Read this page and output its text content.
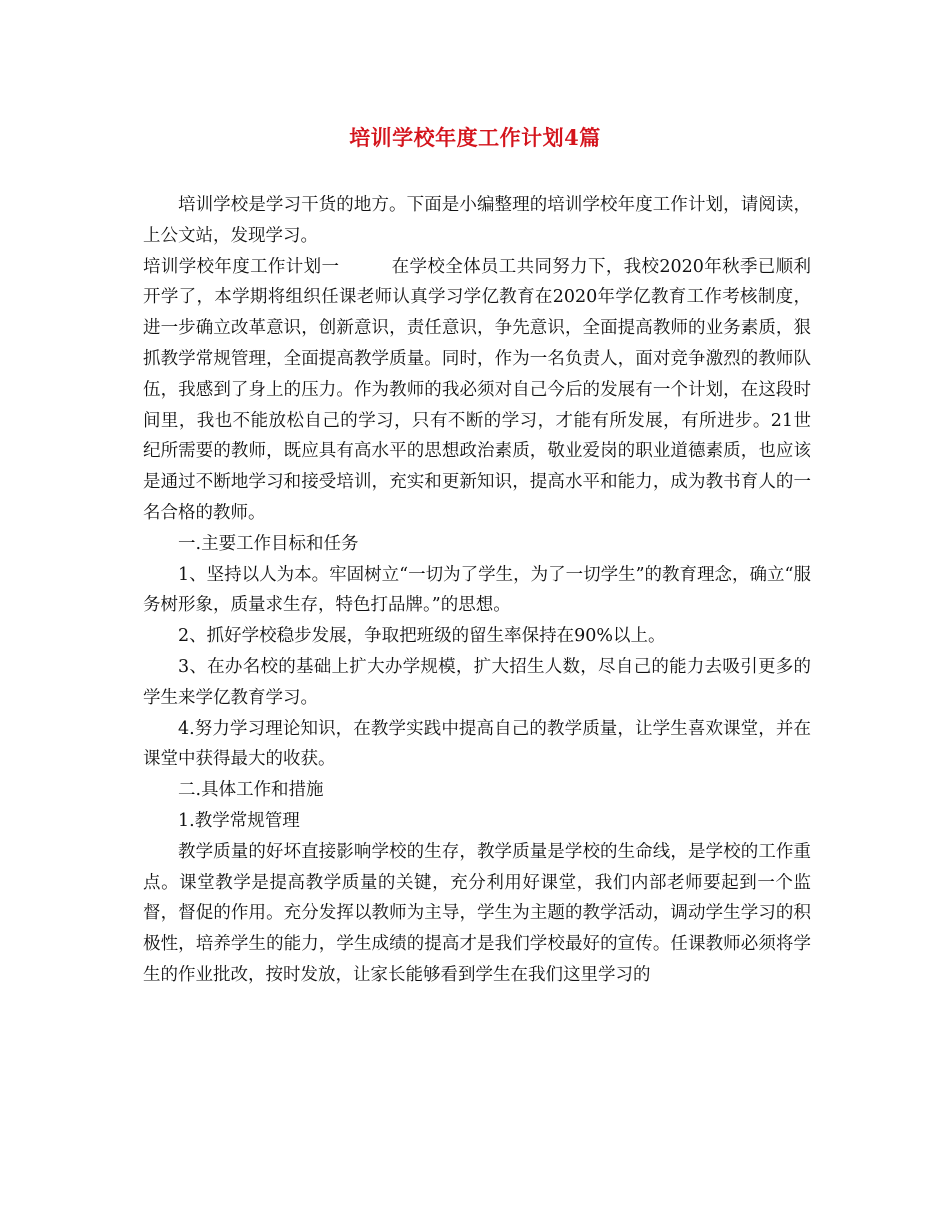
培训学校年度工作计划4篇

培训学校是学习干货的地方。下面是小编整理的培训学校年度工作计划，请阅读，上公文站，发现学习。

培训学校年度工作计划一	在学校全体员工共同努力下，我校2020年秋季已顺利开学了，本学期将组织任课老师认真学习学亿教育在2020年学亿教育工作考核制度，进一步确立改革意识，创新意识，责任意识，争先意识，全面提高教师的业务素质，狠抓教学常规管理，全面提高教学质量。同时，作为一名负责人，面对竞争激烈的教师队伍，我感到了身上的压力。作为教师的我必须对自己今后的发展有一个计划，在这段时间里，我也不能放松自己的学习，只有不断的学习，才能有所发展，有所进步。21世纪所需要的教师，既应具有高水平的思想政治素质，敬业爱岗的职业道德素质，也应该是通过不断地学习和接受培训，充实和更新知识，提高水平和能力，成为教书育人的一名合格的教师。

一.主要工作目标和任务

1、坚持以人为本。牢固树立“一切为了学生，为了一切学生”的教育理念，确立“服务树形象，质量求生存，特色打品牌。”的思想。

2、抓好学校稳步发展，争取把班级的留生率保持在90%以上。

3、在办名校的基础上扩大办学规模，扩大招生人数，尽自己的能力去吸引更多的学生来学亿教育学习。

4.努力学习理论知识，在教学实践中提高自己的教学质量，让学生喜欢课堂，并在课堂中获得最大的收获。

二.具体工作和措施

1.教学常规管理

教学质量的好坏直接影响学校的生存，教学质量是学校的生命线，是学校的工作重点。课堂教学是提高教学质量的关键，充分利用好课堂，我们内部老师要起到一个监督，督促的作用。充分发挥以教师为主导，学生为主题的教学活动，调动学生学习的积极性，培养学生的能力，学生成绩的提高才是我们学校最好的宣传。任课教师必须将学生的作业批改，按时发放，让家长能够看到学生在我们这里学习的
